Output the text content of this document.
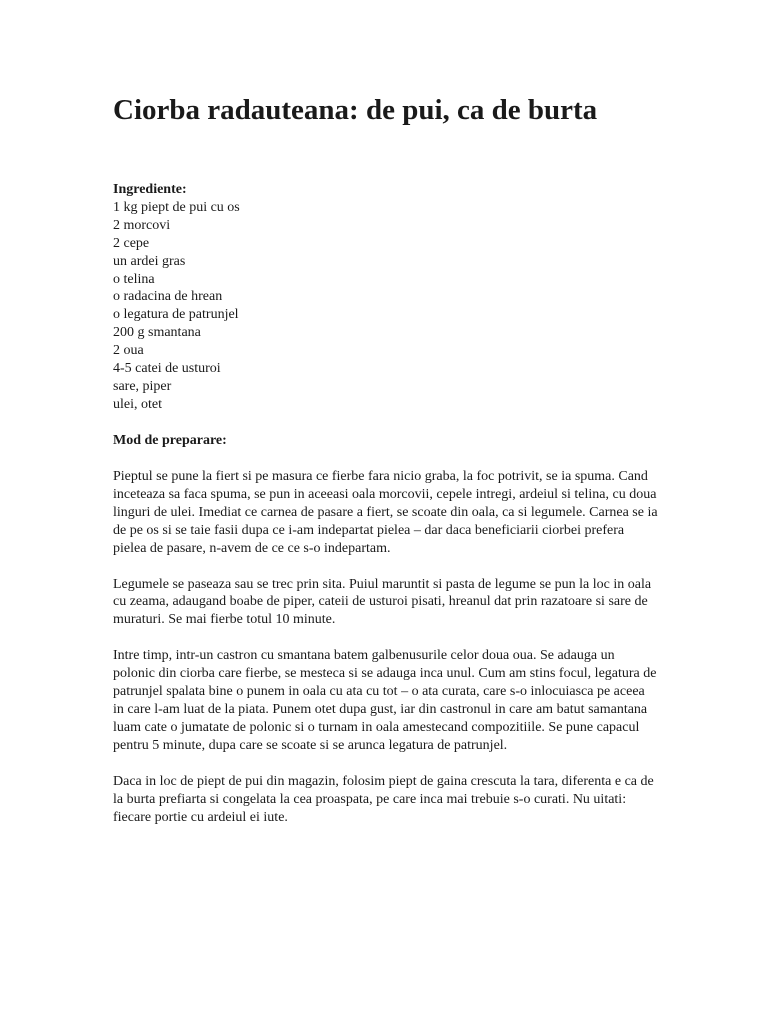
Ciorba radauteana: de pui, ca de burta
Ingrediente:
1 kg piept de pui cu os
2 morcovi
2 cepe
un ardei gras
o telina
o radacina de hrean
o legatura de patrunjel
200 g smantana
2 oua
4-5 catei de usturoi
sare, piper
ulei, otet
Mod de preparare:

Pieptul se pune la fiert si pe masura ce fierbe fara nicio graba, la foc potrivit, se ia spuma. Cand inceteaza sa faca spuma, se pun in aceeasi oala morcovii, cepele intregi, ardeiul si telina, cu doua linguri de ulei. Imediat ce carnea de pasare a fiert, se scoate din oala, ca si legumele. Carnea se ia de pe os si se taie fasii dupa ce i-am indepartat pielea – dar daca beneficiarii ciorbei prefera pielea de pasare, n-avem de ce ce s-o indepartam.

Legumele se paseaza sau se trec prin sita. Puiul maruntit si pasta de legume se pun la loc in oala cu zeama, adaugand boabe de piper, cateii de usturoi pisati, hreanul dat prin razatoare si sare de muraturi. Se mai fierbe totul 10 minute.

Intre timp, intr-un castron cu smantana batem galbenusurile celor doua oua. Se adauga un polonic din ciorba care fierbe, se mesteca si se adauga inca unul. Cum am stins focul, legatura de patrunjel spalata bine o punem in oala cu ata cu tot – o ata curata, care s-o inlocuiasca pe aceea in care l-am luat de la piata. Punem otet dupa gust, iar din castronul in care am batut samantana luam cate o jumatate de polonic si o turnam in oala amestecand compozitiile. Se pune capacul pentru 5 minute, dupa care se scoate si se arunca legatura de patrunjel.

Daca in loc de piept de pui din magazin, folosim piept de gaina crescuta la tara, diferenta e ca de la burta prefiarta si congelata la cea proaspata, pe care inca mai trebuie s-o curati. Nu uitati: fiecare portie cu ardeiul ei iute.
